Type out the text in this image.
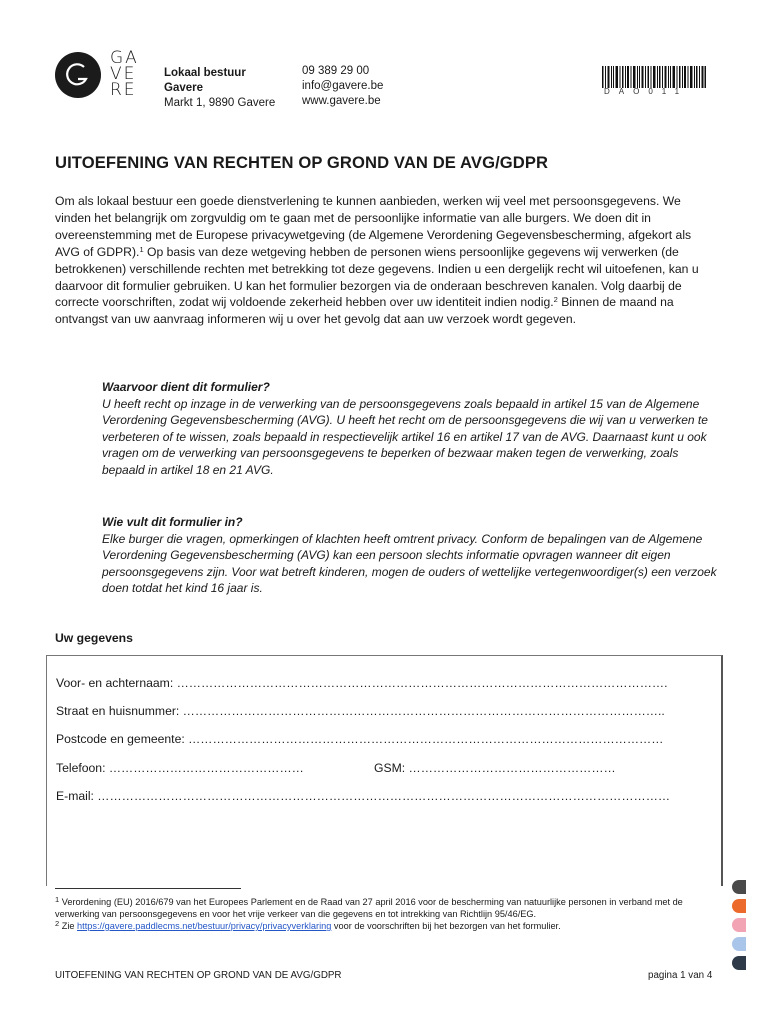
GA
VE
RE
Lokaal bestuur
Gavere
Markt 1, 9890 Gavere
09 389 29 00
info@gavere.be
www.gavere.be
DAO011
UITOEFENING VAN RECHTEN OP GROND VAN DE AVG/GDPR
Om als lokaal bestuur een goede dienstverlening te kunnen aanbieden, werken wij veel met persoonsgegevens. We vinden het belangrijk om zorgvuldig om te gaan met de persoonlijke informatie van alle burgers. We doen dit in overeenstemming met de Europese privacywetgeving (de Algemene Verordening Gegevensbescherming, afgekort als AVG of GDPR).$^1$ Op basis van deze wetgeving hebben de personen wiens persoonlijke gegevens wij verwerken (de betrokkenen) verschillende rechten met betrekking tot deze gegevens. Indien u een dergelijk recht wil uitoefenen, kan u daarvoor dit formulier gebruiken. U kan het formulier bezorgen via de onderaan beschreven kanalen. Volg daarbij de correcte voorschriften, zodat wij voldoende zekerheid hebben over uw identiteit indien nodig.$^2$ Binnen de maand na ontvangst van uw aanvraag informeren wij u over het gevolg dat aan uw verzoek wordt gegeven.
Waarvoor dient dit formulier?
U heeft recht op inzage in de verwerking van de persoonsgegevens zoals bepaald in artikel 15 van de Algemene Verordening Gegevensbescherming (AVG). U heeft het recht om de persoonsgegevens die wij van u verwerken te verbeteren of te wissen, zoals bepaald in respectievelijk artikel 16 en artikel 17 van de AVG. Daarnaast kunt u ook vragen om de verwerking van persoonsgegevens te beperken of bezwaar maken tegen de verwerking, zoals bepaald in artikel 18 en 21 AVG.
Wie vult dit formulier in?
Elke burger die vragen, opmerkingen of klachten heeft omtrent privacy. Conform de bepalingen van de Algemene Verordening Gegevensbescherming (AVG) kan een persoon slechts informatie opvragen wanneer dit eigen persoonsgegevens zijn. Voor wat betreft kinderen, mogen de ouders of wettelijke vertegenwoordiger(s) een verzoek doen totdat het kind 16 jaar is.
Uw gegevens
Voor- en achternaam: ………………………………………………………………………………………………………….
Straat en huisnummer: ………………………………………………………………………………………………………..
Postcode en gemeente: ………………………………………………………………………………………………………
Telefoon: …………………………………………	GSM: ……………………………………………
E-mail: ……………………………………………………………………………………………………………………………
$^1$ Verordening (EU) 2016/679 van het Europees Parlement en de Raad van 27 april 2016 voor de bescherming van natuurlijke personen in verband met de verwerking van persoonsgegevens en voor het vrije verkeer van die gegevens en tot intrekking van Richtlijn 95/46/EG.
$^2$ Zie https://gavere.paddlecms.net/bestuur/privacy/privacyverklaring voor de voorschriften bij het bezorgen van het formulier.
UITOEFENING VAN RECHTEN OP GROND VAN DE AVG/GDPR	pagina 1 van 4
